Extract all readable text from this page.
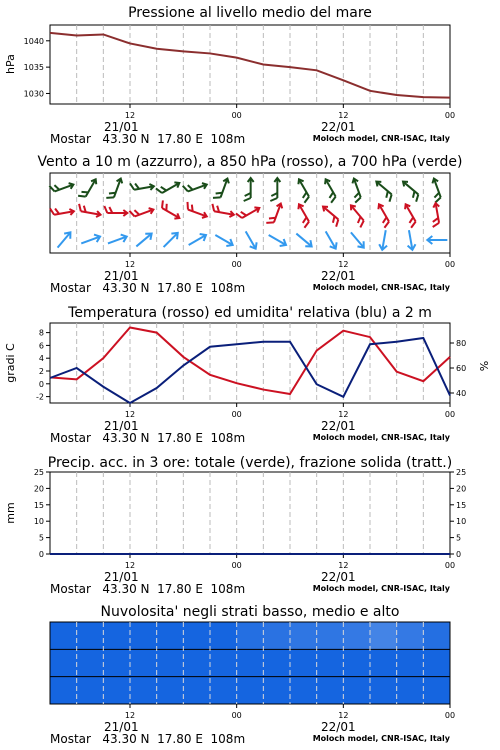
Pressione al livello medio del mare
1030
1035
1040
hPa
Vento a 10 m (azzurro), a 850 hPa (rosso), a 700 hPa (verde)
Temperatura (rosso) ed umidita' relativa (blu) a 2 m
-2
0
2
4
6
8
40
60
80
gradi C	%
Precip. acc. in 3 ore: totale (verde), frazione solida (tratt.)
0
5
10
15
20
25
0
5
10
15
20
25
mm
Nuvolosita' negli strati basso, medio e alto
12	00	12	00
21/01	22/01
Mostar   43.30 N  17.80 E  108m	Moloch model, CNR-ISAC, Italy
12	00	12	00
21/01	22/01
Mostar   43.30 N  17.80 E  108m	Moloch model, CNR-ISAC, Italy
12	00	12	00
21/01	22/01
Mostar   43.30 N  17.80 E  108m	Moloch model, CNR-ISAC, Italy
12	00	12	00
21/01	22/01
Mostar   43.30 N  17.80 E  108m	Moloch model, CNR-ISAC, Italy
12	00	12	00
21/01	22/01
Mostar   43.30 N  17.80 E  108m	Moloch model, CNR-ISAC, Italy
